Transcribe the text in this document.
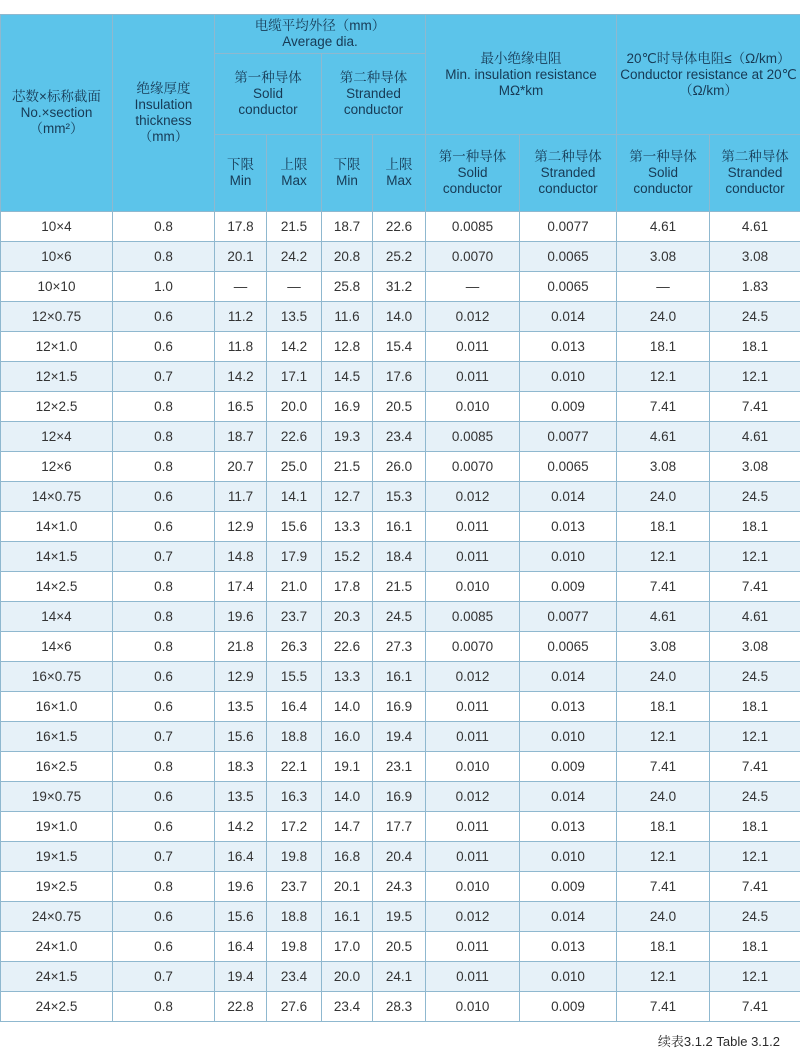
芯数×标称截面
No.×section
（mm²）	绝缘厚度
Insulation
thickness
（mm）	电缆平均外径（mm）
Average dia.				最小绝缘电阻
Min. insulation resistance
MΩ*km		20℃时导体电阻≤（Ω/km）
Conductor resistance at 20℃
（Ω/km）	

		第一种导体
Solid
conductor		第二种导体
Stranded
conductor					

		下限
Min	上限
Max	下限
Min	上限
Max	第一种导体
Solid
conductor	第二种导体
Stranded
conductor	第一种导体
Solid
conductor	第二种导体
Stranded
conductor

10×4	0.8	17.8	21.5	18.7	22.6	0.0085	0.0077	4.61	4.61
10×6	0.8	20.1	24.2	20.8	25.2	0.0070	0.0065	3.08	3.08
10×10	1.0	—	—	25.8	31.2	—	0.0065	—	1.83
12×0.75	0.6	11.2	13.5	11.6	14.0	0.012	0.014	24.0	24.5
12×1.0	0.6	11.8	14.2	12.8	15.4	0.011	0.013	18.1	18.1
12×1.5	0.7	14.2	17.1	14.5	17.6	0.011	0.010	12.1	12.1
12×2.5	0.8	16.5	20.0	16.9	20.5	0.010	0.009	7.41	7.41
12×4	0.8	18.7	22.6	19.3	23.4	0.0085	0.0077	4.61	4.61
12×6	0.8	20.7	25.0	21.5	26.0	0.0070	0.0065	3.08	3.08
14×0.75	0.6	11.7	14.1	12.7	15.3	0.012	0.014	24.0	24.5
14×1.0	0.6	12.9	15.6	13.3	16.1	0.011	0.013	18.1	18.1
14×1.5	0.7	14.8	17.9	15.2	18.4	0.011	0.010	12.1	12.1
14×2.5	0.8	17.4	21.0	17.8	21.5	0.010	0.009	7.41	7.41
14×4	0.8	19.6	23.7	20.3	24.5	0.0085	0.0077	4.61	4.61
14×6	0.8	21.8	26.3	22.6	27.3	0.0070	0.0065	3.08	3.08
16×0.75	0.6	12.9	15.5	13.3	16.1	0.012	0.014	24.0	24.5
16×1.0	0.6	13.5	16.4	14.0	16.9	0.011	0.013	18.1	18.1
16×1.5	0.7	15.6	18.8	16.0	19.4	0.011	0.010	12.1	12.1
16×2.5	0.8	18.3	22.1	19.1	23.1	0.010	0.009	7.41	7.41
19×0.75	0.6	13.5	16.3	14.0	16.9	0.012	0.014	24.0	24.5
19×1.0	0.6	14.2	17.2	14.7	17.7	0.011	0.013	18.1	18.1
19×1.5	0.7	16.4	19.8	16.8	20.4	0.011	0.010	12.1	12.1
19×2.5	0.8	19.6	23.7	20.1	24.3	0.010	0.009	7.41	7.41
24×0.75	0.6	15.6	18.8	16.1	19.5	0.012	0.014	24.0	24.5
24×1.0	0.6	16.4	19.8	17.0	20.5	0.011	0.013	18.1	18.1
24×1.5	0.7	19.4	23.4	20.0	24.1	0.011	0.010	12.1	12.1
24×2.5	0.8	22.8	27.6	23.4	28.3	0.010	0.009	7.41	7.41
续表3.1.2 Table 3.1.2
